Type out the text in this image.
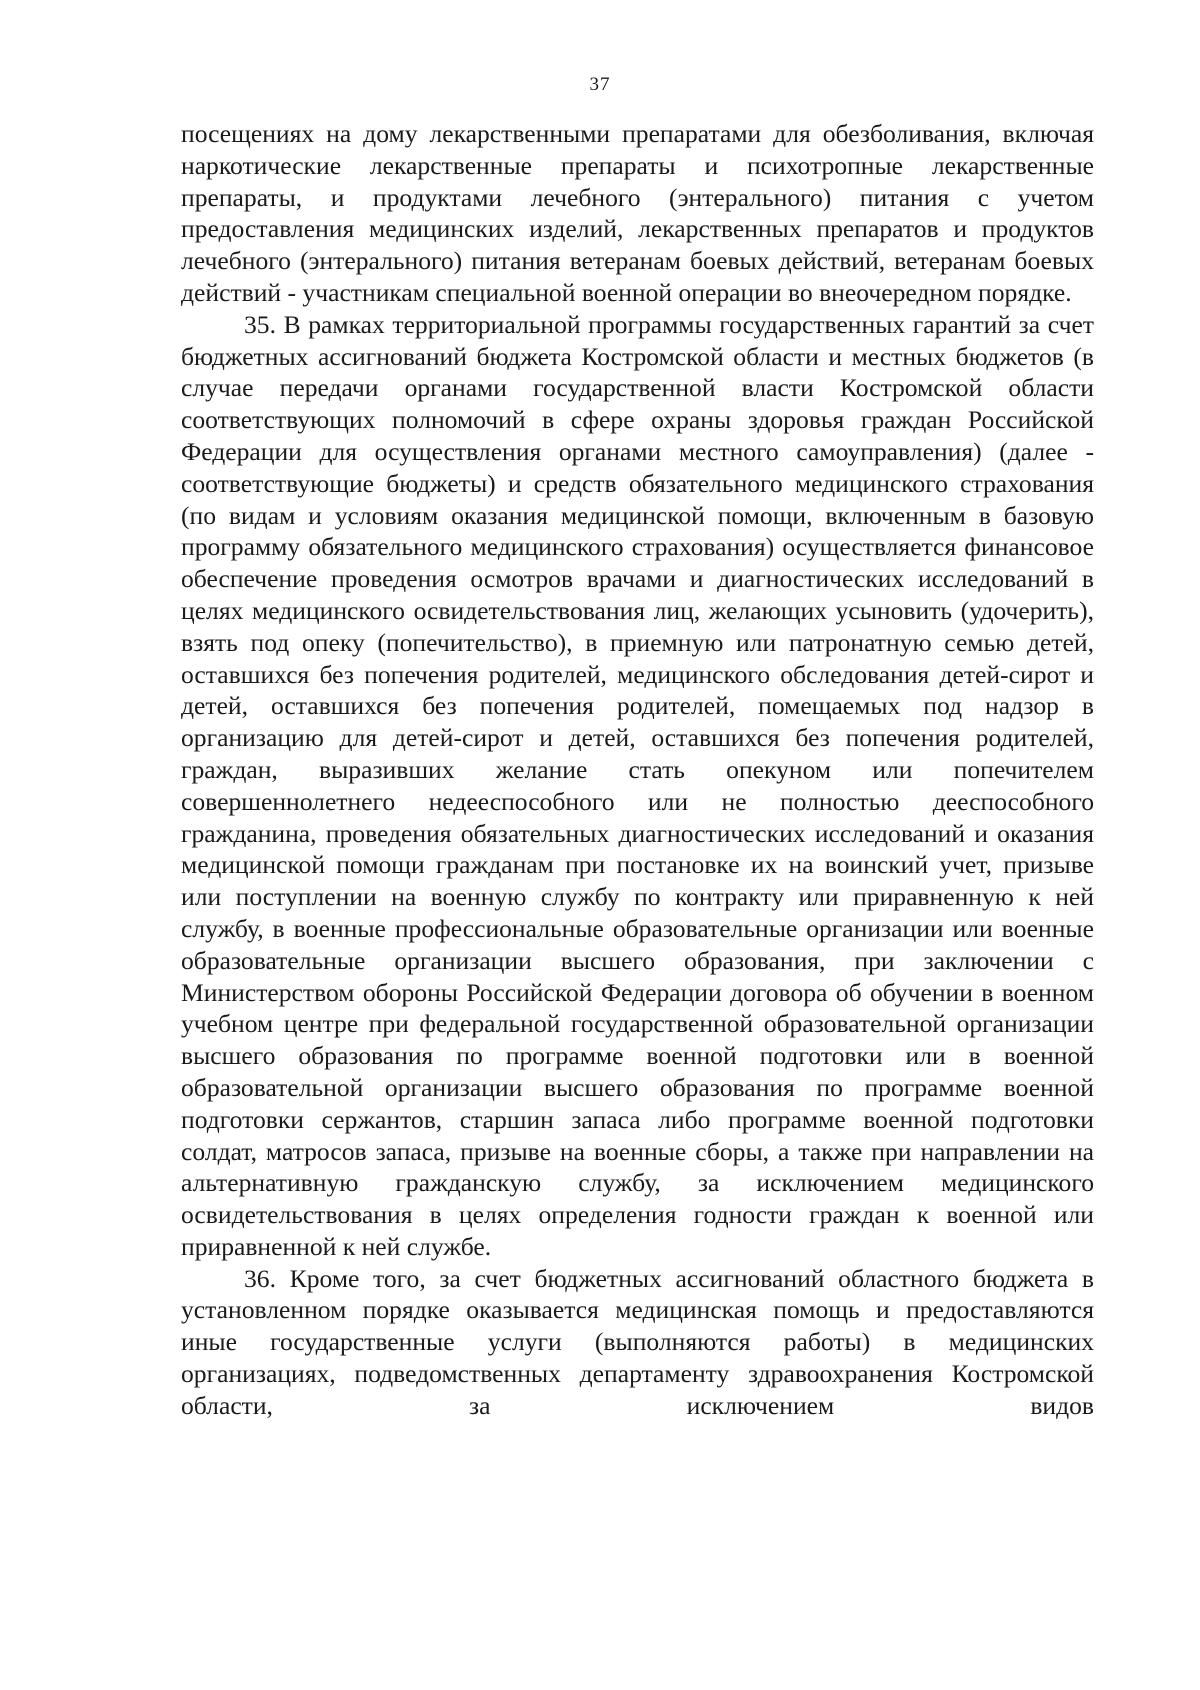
37

посещениях на дому лекарственными препаратами для обезболивания, включая наркотические лекарственные препараты и психотропные лекарственные препараты, и продуктами лечебного (энтерального) питания с учетом предоставления медицинских изделий, лекарственных препаратов и продуктов лечебного (энтерального) питания ветеранам боевых действий, ветеранам боевых действий - участникам специальной военной операции во внеочередном порядке.

35. В рамках территориальной программы государственных гарантий за счет бюджетных ассигнований бюджета Костромской области и местных бюджетов (в случае передачи органами государственной власти Костромской области соответствующих полномочий в сфере охраны здоровья граждан Российской Федерации для осуществления органами местного самоуправления) (далее - соответствующие бюджеты) и средств обязательного медицинского страхования (по видам и условиям оказания медицинской помощи, включенным в базовую программу обязательного медицинского страхования) осуществляется финансовое обеспечение проведения осмотров врачами и диагностических исследований в целях медицинского освидетельствования лиц, желающих усыновить (удочерить), взять под опеку (попечительство), в приемную или патронатную семью детей, оставшихся без попечения родителей, медицинского обследования детей-сирот и детей, оставшихся без попечения родителей, помещаемых под надзор в организацию для детей-сирот и детей, оставшихся без попечения родителей, граждан, выразивших желание стать опекуном или попечителем совершеннолетнего недееспособного или не полностью дееспособного гражданина, проведения обязательных диагностических исследований и оказания медицинской помощи гражданам при постановке их на воинский учет, призыве или поступлении на военную службу по контракту или приравненную к ней службу, в военные профессиональные образовательные организации или военные образовательные организации высшего образования, при заключении с Министерством обороны Российской Федерации договора об обучении в военном учебном центре при федеральной государственной образовательной организации высшего образования по программе военной подготовки или в военной образовательной организации высшего образования по программе военной подготовки сержантов, старшин запаса либо программе военной подготовки солдат, матросов запаса, призыве на военные сборы, а также при направлении на альтернативную гражданскую службу, за исключением медицинского освидетельствования в целях определения годности граждан к военной или приравненной к ней службе.

36. Кроме того, за счет бюджетных ассигнований областного бюджета в установленном порядке оказывается медицинская помощь и предоставляются иные государственные услуги (выполняются работы) в медицинских организациях, подведомственных департаменту здравоохранения Костромской области, за исключением видов
